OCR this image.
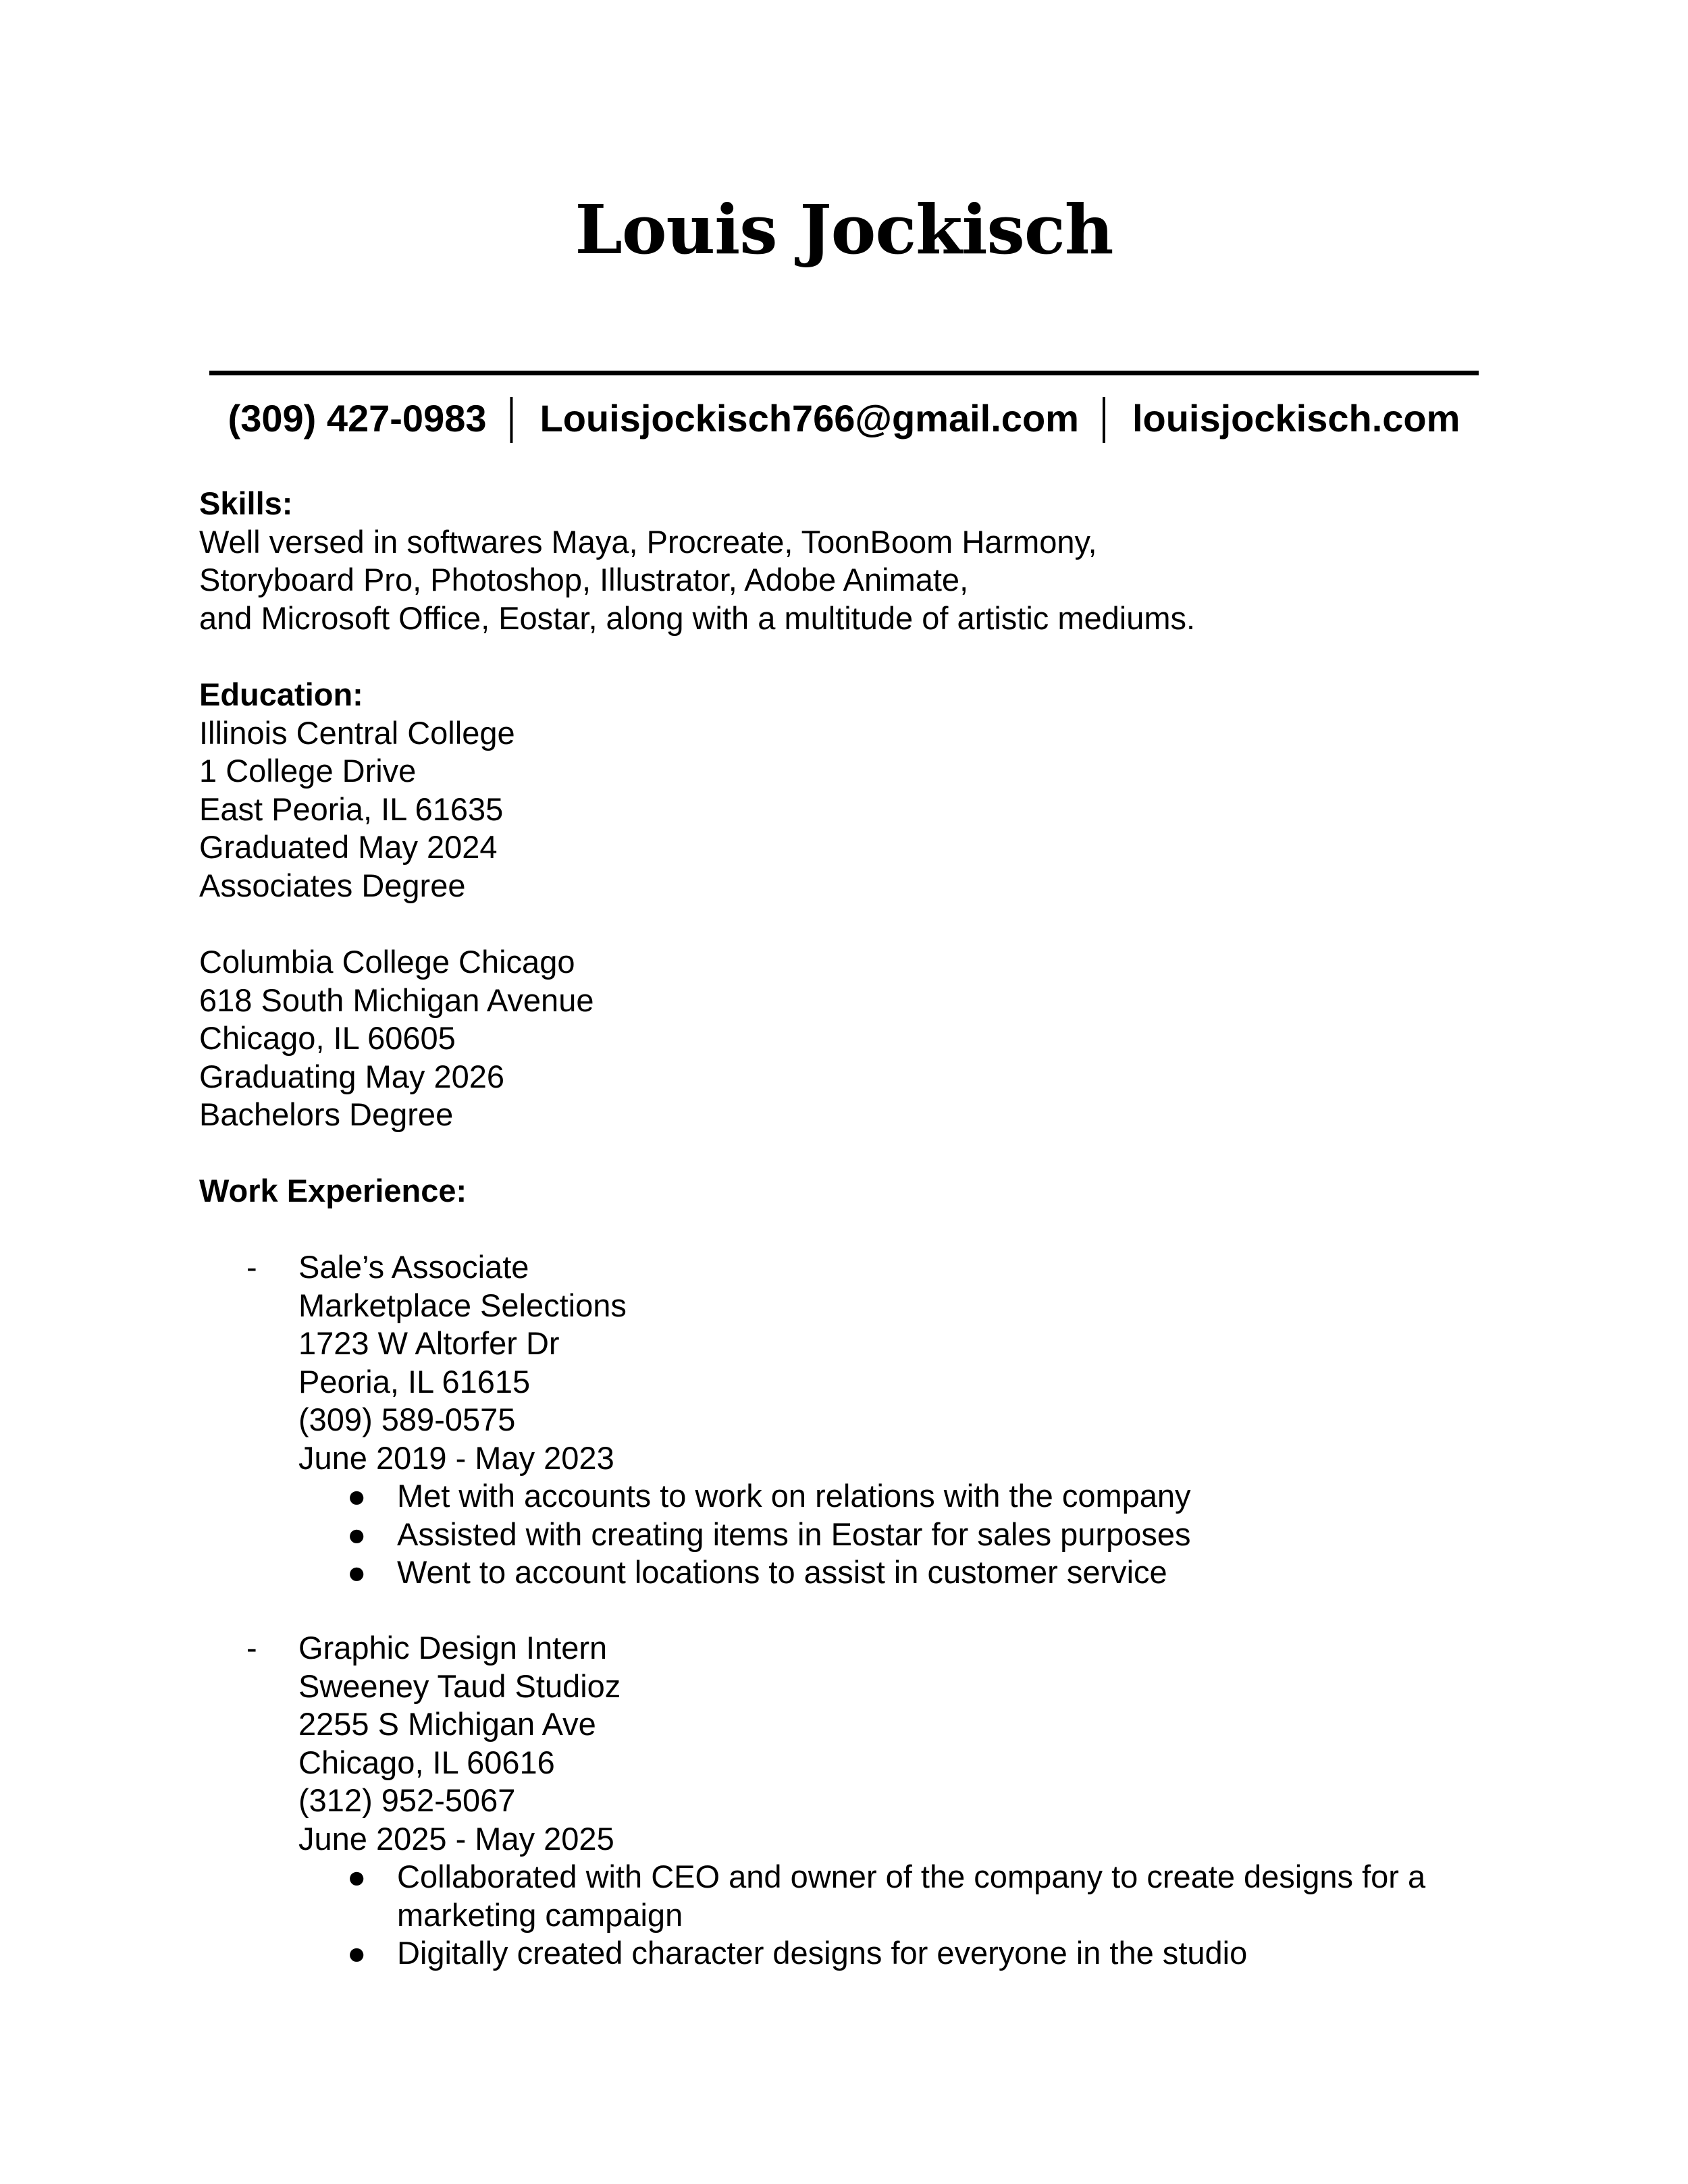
Louis Jockisch
(309) 427-0983 │ Louisjockisch766@gmail.com │ louisjockisch.com
Skills:
Well versed in softwares Maya, Procreate, ToonBoom Harmony,
Storyboard Pro, Photoshop, Illustrator, Adobe Animate,
and Microsoft Office, Eostar, along with a multitude of artistic mediums.
Education:
Illinois Central College
1 College Drive
East Peoria, IL 61635
Graduated May 2024
Associates Degree
Columbia College Chicago
618 South Michigan Avenue
Chicago, IL 60605
Graduating May 2026
Bachelors Degree
Work Experience:
- Sale’s Associate
Marketplace Selections
1723 W Altorfer Dr
Peoria, IL 61615
(309) 589-0575
June 2019 - May 2023
● Met with accounts to work on relations with the company
● Assisted with creating items in Eostar for sales purposes
● Went to account locations to assist in customer service
- Graphic Design Intern
Sweeney Taud Studioz
2255 S Michigan Ave
Chicago, IL 60616
(312) 952-5067
June 2025 - May 2025
● Collaborated with CEO and owner of the company to create designs for a
marketing campaign
● Digitally created character designs for everyone in the studio
